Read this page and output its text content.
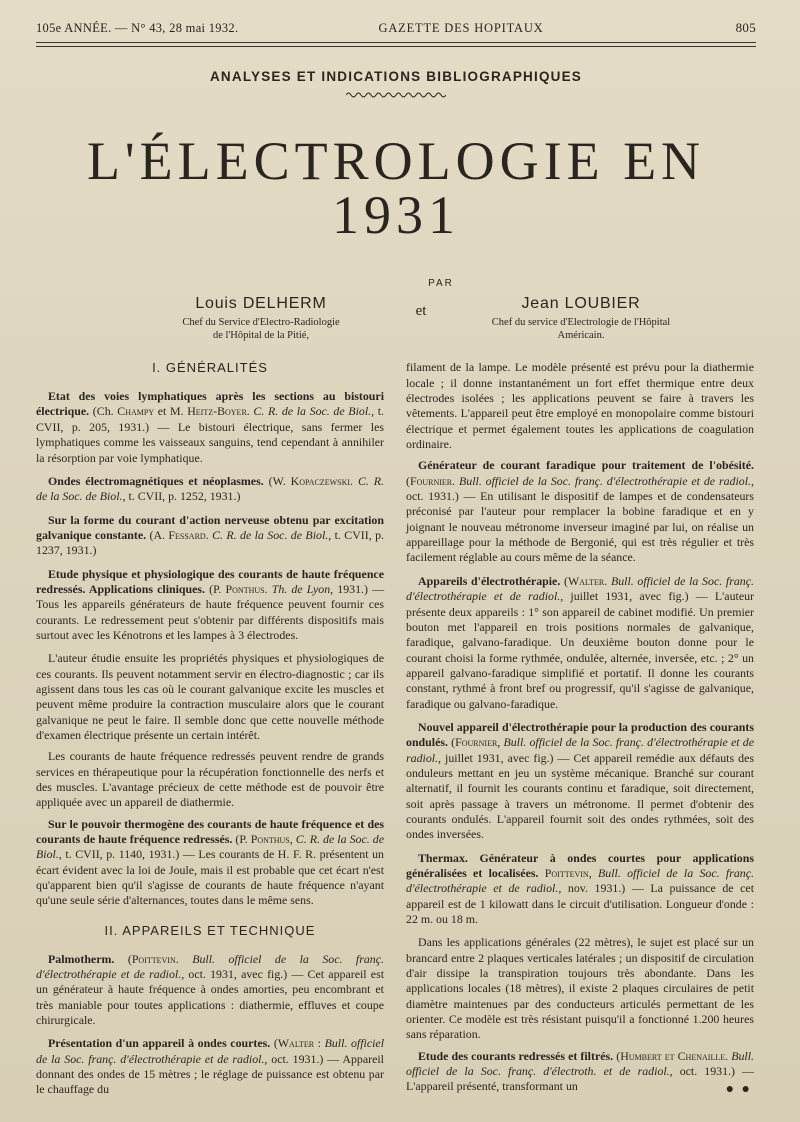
105e ANNÉE. — N° 43, 28 mai 1932.	GAZETTE DES HOPITAUX	805
ANALYSES ET INDICATIONS BIBLIOGRAPHIQUES
L'ÉLECTROLOGIE EN 1931
PAR
Louis DELHERM
Chef du Service d'Electro-Radiologie
de l'Hôpital de la Pitié,
et	Jean LOUBIER
Chef du service d'Electrologie de l'Hôpital
Américain.
I. GÉNÉRALITÉS

Etat des voies lymphatiques après les sections au bistouri électrique. (Ch. Champy et M. Heitz-Boyer. C. R. de la Soc. de Biol., t. CVII, p. 205, 1931.) — Le bistouri électrique, sans fermer les lymphatiques comme les vaisseaux sanguins, tend cependant à annihiler la résorption par voie lymphatique.

Ondes électromagnétiques et néoplasmes. (W. Kopaczewski. C. R. de la Soc. de Biol., t. CVII, p. 1252, 1931.)

Sur la forme du courant d'action nerveuse obtenu par excitation galvanique constante. (A. Fessard. C. R. de la Soc. de Biol., t. CVII, p. 1237, 1931.)

Etude physique et physiologique des courants de haute fréquence redressés. Applications cliniques. (P. Ponthus. Th. de Lyon, 1931.) — Tous les appareils générateurs de haute fréquence peuvent fournir ces courants. Le redressement peut s'obtenir par différents dispositifs mais surtout avec les Kénotrons et les lampes à 3 électrodes.

L'auteur étudie ensuite les propriétés physiques et physiologiques de ces courants. Ils peuvent notamment servir en électro-diagnostic ; car ils agissent dans tous les cas où le courant galvanique excite les muscles et peuvent même produire la contraction musculaire alors que le courant galvanique ne peut le faire. Il semble donc que cette nouvelle méthode d'examen électrique présente un certain intérêt.

Les courants de haute fréquence redressés peuvent rendre de grands services en thérapeutique pour la récupération fonctionnelle des nerfs et des muscles. L'avantage précieux de cette méthode est de pouvoir être appliquée avec un appareil de diathermie.

Sur le pouvoir thermogène des courants de haute fréquence et des courants de haute fréquence redressés. (P. Ponthus, C. R. de la Soc. de Biol., t. CVII, p. 1140, 1931.) — Les courants de H. F. R. présentent un écart évident avec la loi de Joule, mais il est probable que cet écart n'est qu'apparent bien qu'il s'agisse de courants de haute fréquence n'ayant qu'une seule série d'alternances, toutes dans le même sens.

II. APPAREILS ET TECHNIQUE

Palmotherm. (Poittevin. Bull. officiel de la Soc. franç. d'électrothérapie et de radiol., oct. 1931, avec fig.) — Cet appareil est un générateur à haute fréquence à ondes amorties, peu encombrant et très maniable pour toutes applications : diathermie, effluves et coupe chirurgicale.

Présentation d'un appareil à ondes courtes. (Walter : Bull. officiel de la Soc. franç. d'électrothérapie et de radiol., oct. 1931.) — Appareil donnant des ondes de 15 mètres ; le réglage de puissance est obtenu par le chauffage du

filament de la lampe. Le modèle présenté est prévu pour la diathermie locale ; il donne instantanément un fort effet thermique entre deux électrodes isolées ; les applications peuvent se faire à travers les vêtements. L'appareil peut être employé en monopolaire comme bistouri électrique et permet également toutes les applications de coagulation ordinaire.

Générateur de courant faradique pour traitement de l'obésité. (Fournier. Bull. officiel de la Soc. franç. d'électrothérapie et de radiol., oct. 1931.) — En utilisant le dispositif de lampes et de condensateurs préconisé par l'auteur pour remplacer la bobine faradique et en y joignant le nouveau métronome inverseur imaginé par lui, on réalise un appareillage pour la méthode de Bergonié, qui est très régulier et très facilement réglable au cours même de la séance.

Appareils d'électrothérapie. (Walter. Bull. officiel de la Soc. franç. d'électrothérapie et de radiol., juillet 1931, avec fig.) — L'auteur présente deux appareils : 1° son appareil de cabinet modifié. Un premier bouton met l'appareil en trois positions normales de galvanique, faradique, galvano-faradique. Un deuxième bouton donne pour le courant choisi la forme rythmée, ondulée, alternée, inversée, etc. ; 2° un appareil galvano-faradique simplifié et portatif. Il donne les courants constant, rythmé à front bref ou progressif, qu'il s'agisse de galvanique, faradique ou galvano-faradique.

Nouvel appareil d'électrothérapie pour la production des courants ondulés. (Fournier, Bull. officiel de la Soc. franç. d'électrothérapie et de radiol., juillet 1931, avec fig.) — Cet appareil remédie aux défauts des onduleurs mettant en jeu un système mécanique. Branché sur courant alternatif, il fournit les courants continu et faradique, soit directement, soit après passage à travers un métronome. Il permet d'obtenir des courants ondulés. L'appareil fournit soit des ondes rythmées, soit des ondes inversées.

Thermax. Générateur à ondes courtes pour applications généralisées et localisées. Poittevin, Bull. officiel de la Soc. franç. d'électrothérapie et de radiol., nov. 1931.) — La puissance de cet appareil est de 1 kilowatt dans le circuit d'utilisation. Longueur d'onde : 22 m. ou 18 m.

Dans les applications générales (22 mètres), le sujet est placé sur un brancard entre 2 plaques verticales latérales ; un dispositif de circulation d'air dissipe la transpiration toujours très abondante. Dans les applications locales (18 mètres), il existe 2 plaques circulaires de petit diamètre maintenues par des conducteurs articulés permettant de les orienter. Ce modèle est très résistant puisqu'il a fonctionné 1.200 heures sans réparation.

Etude des courants redressés et filtrés. (Humbert et Chenaille. Bull. officiel de la Soc. franç. d'électroth. et de radiol., oct. 1931.) — L'appareil présenté, transformant un	● ●
